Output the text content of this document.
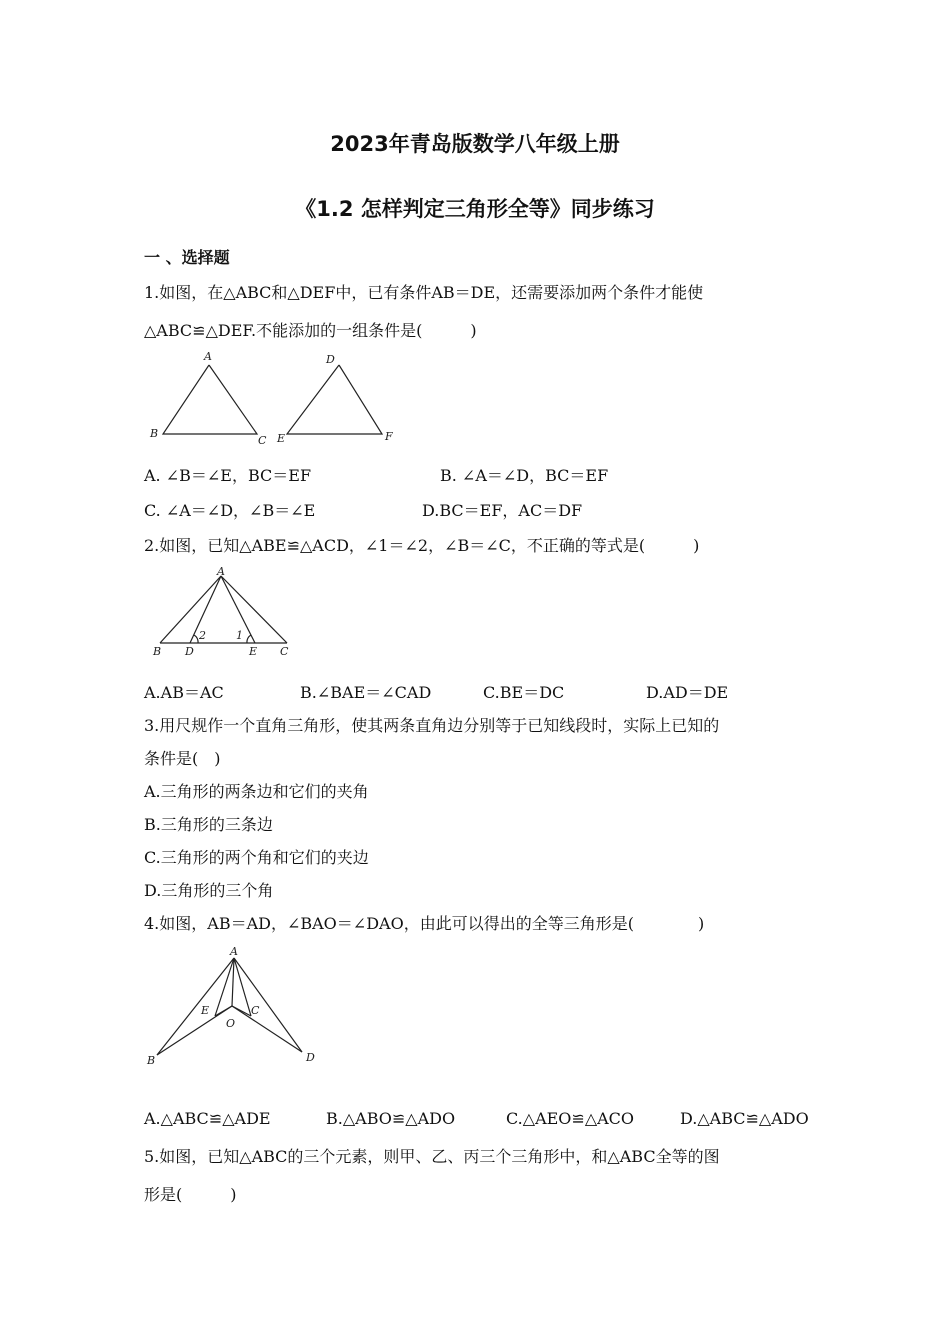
2023年青岛版数学八年级上册
《1.2 怎样判定三角形全等》同步练习
一 、选择题
1.如图，在△ABC和△DEF中，已有条件AB＝DE，还需要添加两个条件才能使
△ABC≌△DEF.不能添加的一组条件是(　　　)
A
B
C
D
E	F
A. ∠B＝∠E，BC＝EF	B. ∠A＝∠D，BC＝EF
C. ∠A＝∠D，∠B＝∠E	D.BC＝EF，AC＝DF
2.如图，已知△ABE≌△ACD，∠1＝∠2，∠B＝∠C，不正确的等式是(　　　)
A
B D	E C
2	1
A.AB＝AC	B.∠BAE＝∠CAD	C.BE＝DC	D.AD＝DE
3.用尺规作一个直角三角形，使其两条直角边分别等于已知线段时，实际上已知的
条件是(　)
A.三角形的两条边和它们的夹角
B.三角形的三条边
C.三角形的两个角和它们的夹边
D.三角形的三个角
4.如图，AB＝AD，∠BAO＝∠DAO，由此可以得出的全等三角形是(　　　　)
A
E	C
O
B	D
A.△ABC≌△ADE	B.△ABO≌△ADO	C.△AEO≌△ACO	D.△ABC≌△ADO
5.如图，已知△ABC的三个元素，则甲、乙、丙三个三角形中，和△ABC全等的图
形是(　　　)
